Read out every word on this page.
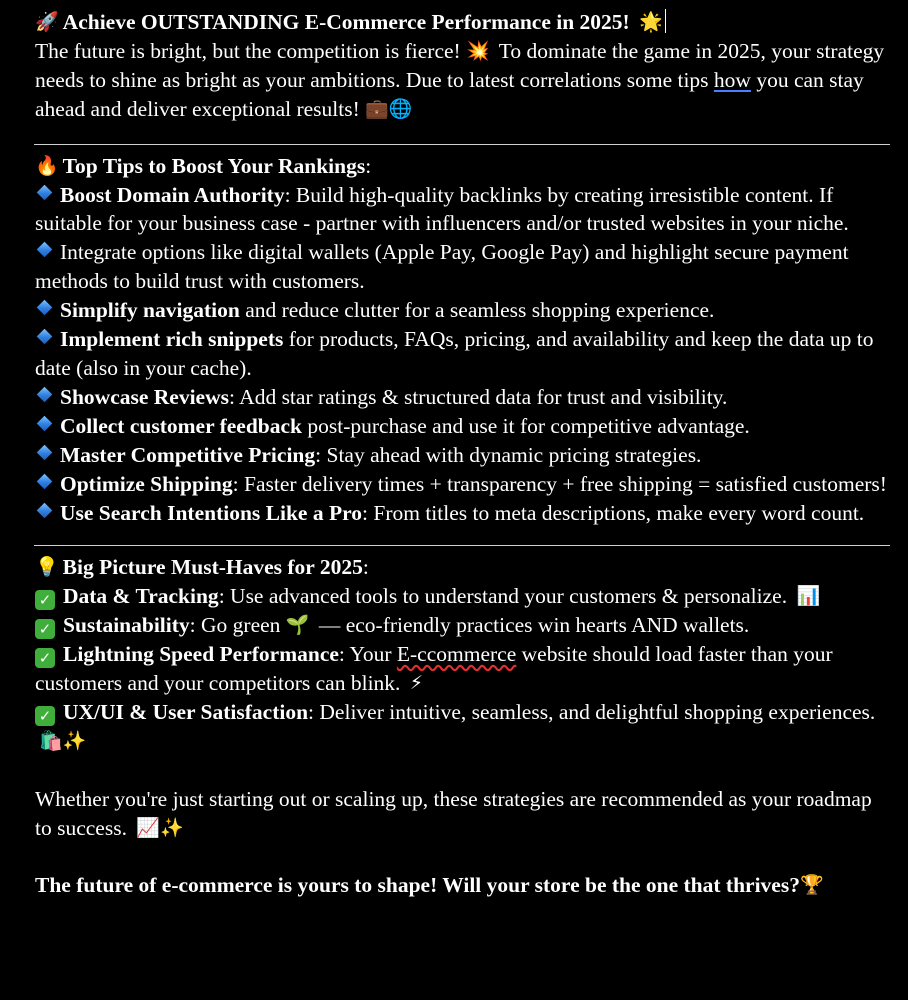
🚀 Achieve OUTSTANDING E-Commerce Performance in 2025! 🌟

The future is bright, but the competition is fierce! 💥 To dominate the game in 2025, your strategy needs to shine as bright as your ambitions. Due to latest correlations some tips how you can stay ahead and deliver exceptional results! 💼🌐

🔥 Top Tips to Boost Your Rankings:

Boost Domain Authority: Build high-quality backlinks by creating irresistible content. If suitable for your business case - partner with influencers and/or trusted websites in your niche.

Integrate options like digital wallets (Apple Pay, Google Pay) and highlight secure payment methods to build trust with customers.

Simplify navigation and reduce clutter for a seamless shopping experience.

Implement rich snippets for products, FAQs, pricing, and availability and keep the data up to date (also in your cache).

Showcase Reviews: Add star ratings & structured data for trust and visibility.

Collect customer feedback post-purchase and use it for competitive advantage.

Master Competitive Pricing: Stay ahead with dynamic pricing strategies.

Optimize Shipping: Faster delivery times + transparency + free shipping = satisfied customers!

Use Search Intentions Like a Pro: From titles to meta descriptions, make every word count.

💡 Big Picture Must-Haves for 2025:

✓ Data & Tracking: Use advanced tools to understand your customers & personalize. 📊

✓ Sustainability: Go green 🌱 — eco-friendly practices win hearts AND wallets.

✓ Lightning Speed Performance: Your E-ccommerce website should load faster than your customers and your competitors can blink. ⚡

✓ UX/UI & User Satisfaction: Deliver intuitive, seamless, and delightful shopping experiences. 🛍️✨

Whether you're just starting out or scaling up, these strategies are recommended as your roadmap to success. 📈✨

The future of e-commerce is yours to shape! Will your store be the one that thrives?🏆
